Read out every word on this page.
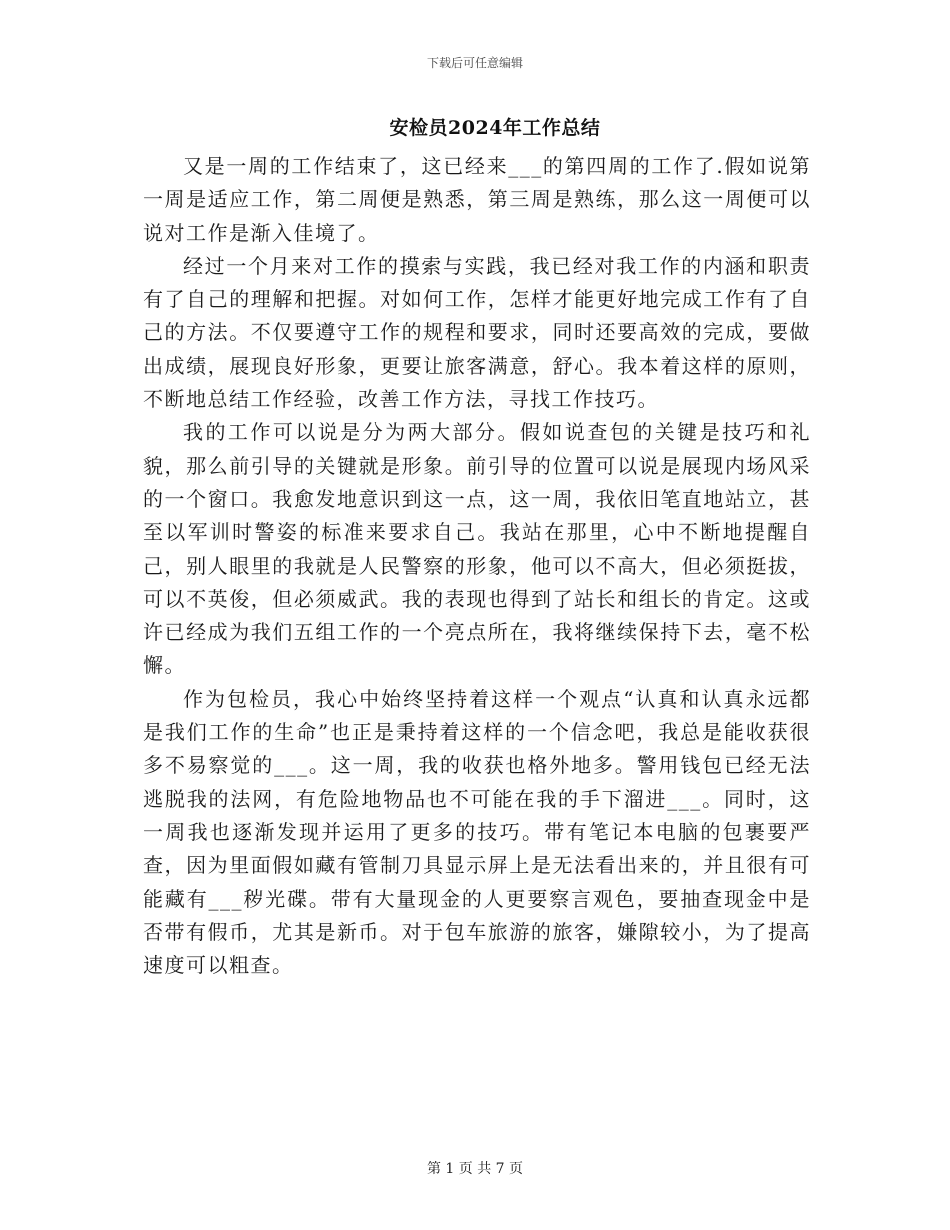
下载后可任意编辑
安检员2024年工作总结

又是一周的工作结束了，这已经来___的第四周的工作了.假如说第一周是适应工作，第二周便是熟悉，第三周是熟练，那么这一周便可以说对工作是渐入佳境了。

经过一个月来对工作的摸索与实践，我已经对我工作的内涵和职责有了自己的理解和把握。对如何工作，怎样才能更好地完成工作有了自己的方法。不仅要遵守工作的规程和要求，同时还要高效的完成，要做出成绩，展现良好形象，更要让旅客满意，舒心。我本着这样的原则，不断地总结工作经验，改善工作方法，寻找工作技巧。

我的工作可以说是分为两大部分。假如说查包的关键是技巧和礼貌，那么前引导的关键就是形象。前引导的位置可以说是展现内场风采的一个窗口。我愈发地意识到这一点，这一周，我依旧笔直地站立，甚至以军训时警姿的标准来要求自己。我站在那里，心中不断地提醒自己，别人眼里的我就是人民警察的形象，他可以不高大，但必须挺拔，可以不英俊，但必须威武。我的表现也得到了站长和组长的肯定。这或许已经成为我们五组工作的一个亮点所在，我将继续保持下去，毫不松懈。

作为包检员，我心中始终坚持着这样一个观点“认真和认真永远都是我们工作的生命”也正是秉持着这样的一个信念吧，我总是能收获很多不易察觉的___。这一周，我的收获也格外地多。警用钱包已经无法逃脱我的法网，有危险地物品也不可能在我的手下溜进___。同时，这一周我也逐渐发现并运用了更多的技巧。带有笔记本电脑的包裹要严查，因为里面假如藏有管制刀具显示屏上是无法看出来的，并且很有可能藏有___秽光碟。带有大量现金的人更要察言观色，要抽查现金中是否带有假币，尤其是新币。对于包车旅游的旅客，嫌隙较小，为了提高速度可以粗查。

第 1 页 共 7 页
